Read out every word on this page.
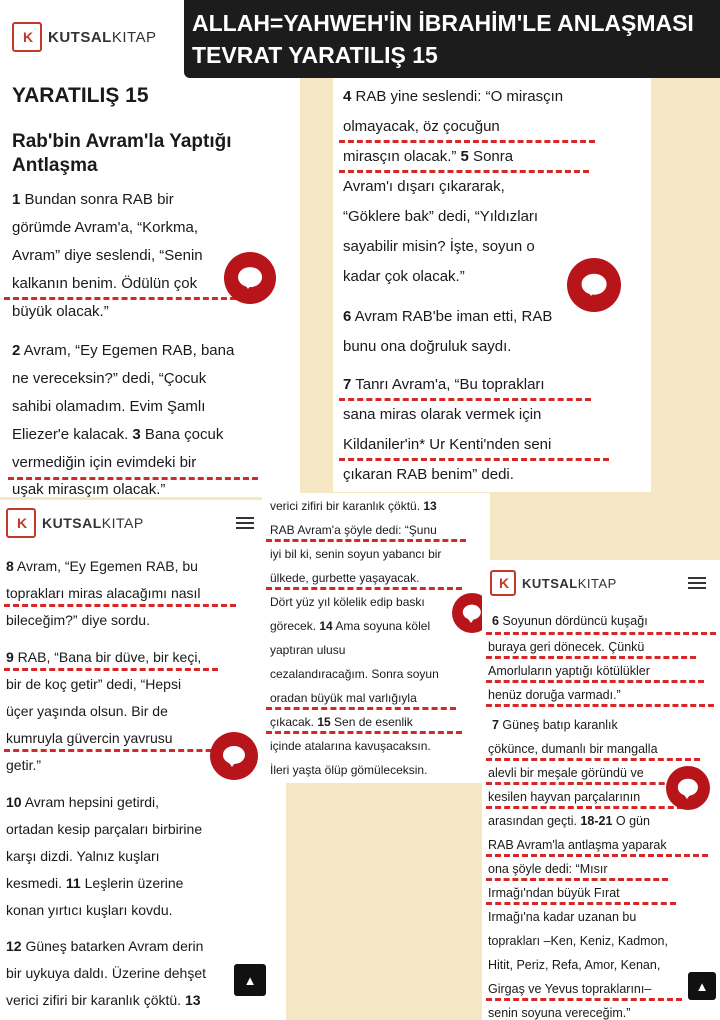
K KUTSAL KITAP
YARATILIŞ 15
Rab'bin Avram'la Yaptığı
Antlaşma
1 Bundan sonra RAB bir
görümde Avram'a, “Korkma,
Avram” diye seslendi, “Senin
kalkanın benim. Ödülün çok
büyük olacak.”
2 Avram, “Ey Egemen RAB, bana
ne vereceksin?” dedi, “Çocuk
sahibi olamadım. Evim Şamlı
Eliezer'e kalacak. 3 Bana çocuk
vermediğin için evimdeki bir
uşak mirasçım olacak.”
ALLAH=YAHWEH'İN İBRAHİM'LE ANLAŞMASI
TEVRAT YARATILIŞ 15
4 RAB yine seslendi: “O mirasçın
olmayacak, öz çocuğun
mirasçın olacak.” 5 Sonra
Avram'ı dışarı çıkararak,
“Göklere bak” dedi, “Yıldızları
sayabilir misin? İşte, soyun o
kadar çok olacak.”
6 Avram RAB'be iman etti, RAB
bunu ona doğruluk saydı.
7 Tanrı Avram'a, “Bu toprakları
sana miras olarak vermek için
Kildaniler'in* Ur Kenti'nden seni
çıkaran RAB benim” dedi.
K KUTSAL KITAP
8 Avram, “Ey Egemen RAB, bu
toprakları miras alacağımı nasıl
bileceğim?” diye sordu.
9 RAB, “Bana bir düve, bir keçi,
bir de koç getir” dedi, “Hepsi
üçer yaşında olsun. Bir de
kumruyla güvercin yavrusu
getir.”
10 Avram hepsini getirdi,
ortadan kesip parçaları birbirine
karşı dizdi. Yalnız kuşları
kesmedi. 11 Leşlerin üzerine
konan yırtıcı kuşları kovdu.
12 Güneş batarken Avram derin
bir uykuya daldı. Üzerine dehşet
verici zifiri bir karanlık çöktü. 13
▲
verici zifiri bir karanlık çöktü. 13
RAB Avram'a şöyle dedi: “Şunu
iyi bil ki, senin soyun yabancı bir
ülkede, gurbette yaşayacak.
Dört yüz yıl kölelik edip baskı
görecek. 14 Ama soyuna kölel
yaptıran ulusu
cezalandıracağım. Sonra soyun
oradan büyük mal varlığıyla
çıkacak. 15 Sen de esenlik
içinde atalarına kavuşacaksın.
İleri yaşta ölüp gömüleceksin.
K KUTSAL KITAP
6 Soyunun dördüncü kuşağı
buraya geri dönecek. Çünkü
Amorluların yaptığı kötülükler
henüz doruğa varmadı.”
7 Güneş batıp karanlık
çökünce, dumanlı bir mangalla
alevli bir meşale göründü ve
kesilen hayvan parçalarının
arasından geçti. 18-21 O gün
RAB Avram'la antlaşma yaparak
ona şöyle dedi: “Mısır
Irmağı'ndan büyük Fırat
Irmağı'na kadar uzanan bu
toprakları –Ken, Keniz, Kadmon,
Hitit, Periz, Refa, Amor, Kenan,
Girgaş ve Yevus topraklarını–
senin soyuna vereceğim.”
▲
